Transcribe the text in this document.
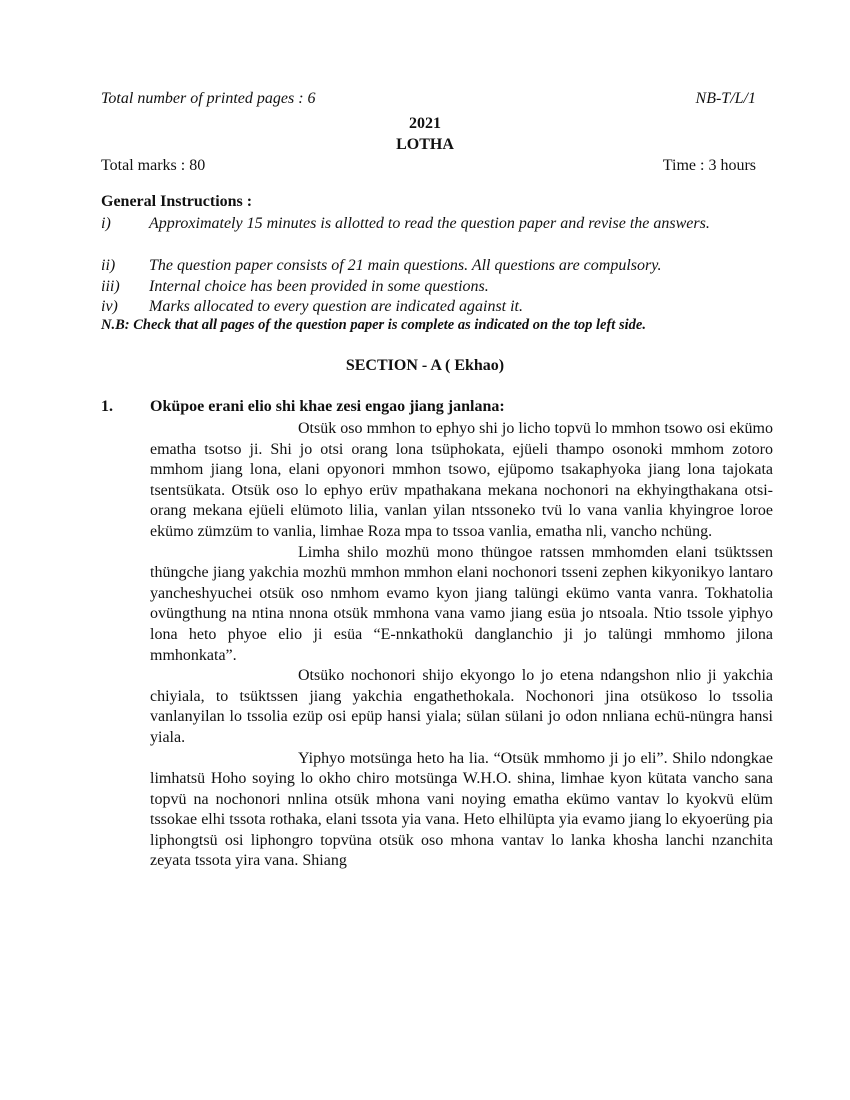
Total number of printed pages : 6	NB-T/L/1
2021
LOTHA
Total marks : 80	Time : 3 hours
General Instructions :
i) Approximately 15 minutes is allotted to read the question paper and revise the answers.
ii) The question paper consists of 21 main questions. All questions are compulsory.
iii) Internal choice has been provided in some questions.
iv) Marks allocated to every question are indicated against it.
N.B: Check that all pages of the question paper is complete as indicated on the top left side.
SECTION - A ( Ekhao)
1. Oküpoe erani elio shi khae zesi engao jiang janlana:

Otsük oso mmhon to ephyo shi jo licho topvü lo mmhon tsowo osi ekümo ematha tsotso ji. Shi jo otsi orang lona tsüphokata, ejüeli thampo osonoki mmhom zotoro mmhom jiang lona, elani opyonori mmhon tsowo, ejüpomo tsakaphyoka jiang lona tajokata tsentsükata. Otsük oso lo ephyo erüv mpathakana mekana nochonori na ekhyingthakana otsi-orang mekana ejüeli elümoto lilia, vanlan yilan ntssoneko tvü lo vana vanlia khyingroe loroe ekümo zümzüm to vanlia, limhae Roza mpa to tssoa vanlia, ematha nli, vancho nchüng.

Limha shilo mozhü mono thüngoe ratssen mmhomden elani tsüktssen thüngche jiang yakchia mozhü mmhon mmhon elani nochonori tsseni zephen kikyonikyo lantaro yancheshyuchei otsük oso nmhom evamo kyon jiang talüngi ekümo vanta vanra. Tokhatolia ovüngthung na ntina nnona otsük mmhona vana vamo jiang esüa jo ntsoala. Ntio tssole yiphyo lona heto phyoe elio ji esüa “E-nnkathokü danglanchio ji jo talüngi mmhomo jilona mmhonkata”.

Otsüko nochonori shijo ekyongo lo jo etena ndangshon nlio ji yakchia chiyiala, to tsüktssen jiang yakchia engathethokala. Nochonori jina otsükoso lo tssolia vanlanyilan lo tssolia ezüp osi epüp hansi yiala; sülan sülani jo odon nnliana echü-nüngra hansi yiala.

Yiphyo motsünga heto ha lia. “Otsük mmhomo ji jo eli”. Shilo ndongkae limhatsü Hoho soying lo okho chiro motsünga W.H.O. shina, limhae kyon kütata vancho sana topvü na nochonori nnlina otsük mhona vani noying ematha ekümo vantav lo kyokvü elüm tssokae elhi tssota rothaka, elani tssota yia vana. Heto elhilüpta yia evamo jiang lo ekyoerüng pia liphongtsü osi liphongro topvüna otsük oso mhona vantav lo lanka khosha lanchi nzanchita zeyata tssota yira vana. Shiang
